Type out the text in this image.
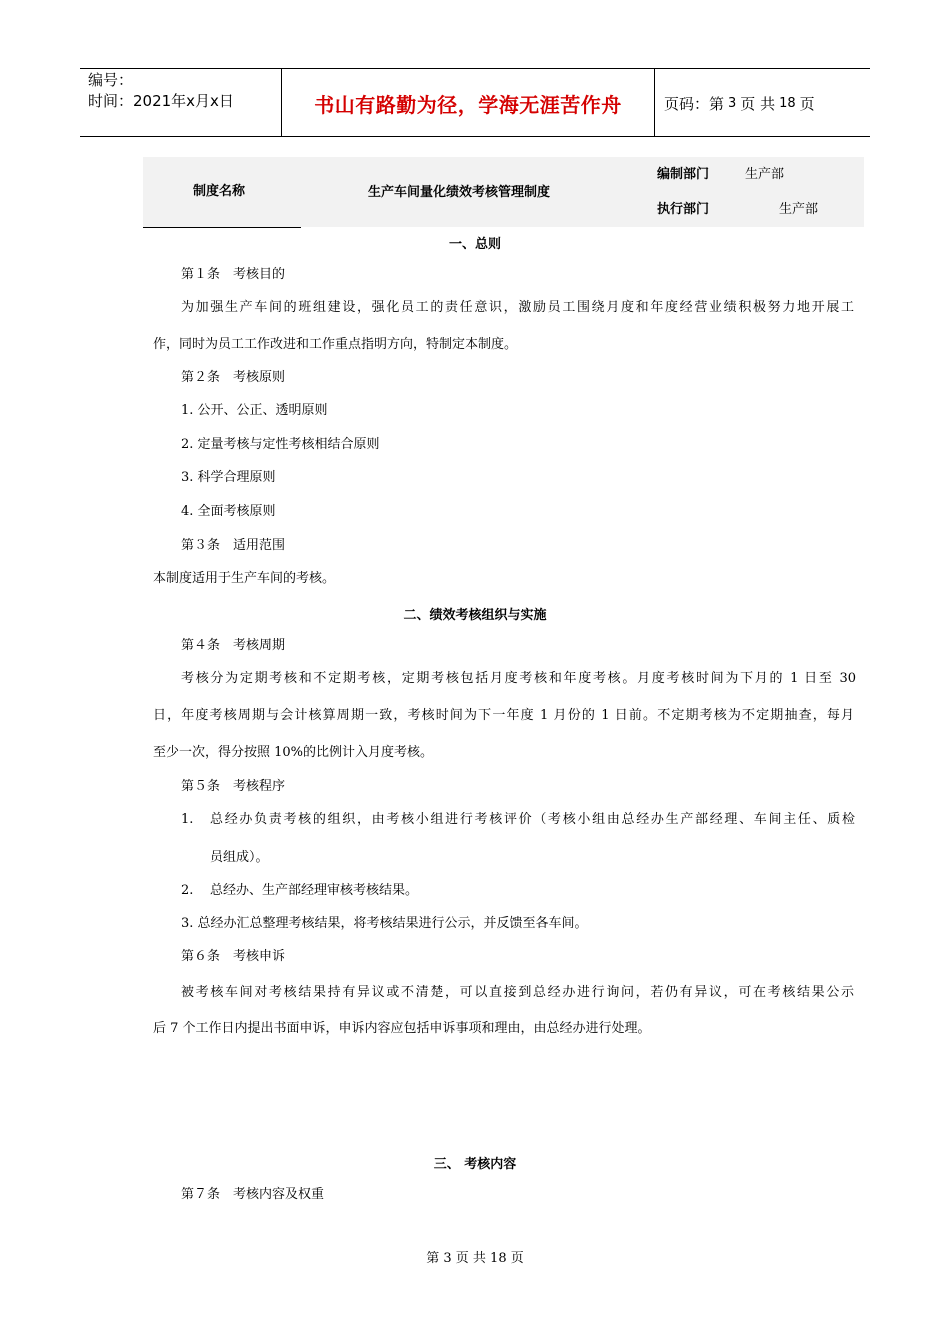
编号：
时间：2021年x月x日	书山有路勤为径，学海无涯苦作舟	页码：第 3 页 共 18 页
制度名称	生产车间量化绩效考核管理制度
编制部门	生产部
执行部门	生产部
一、总则
第１条　考核目的
为加强生产车间的班组建设，强化员工的责任意识，激励员工围绕月度和年度经营业绩积极努力地开展工
作，同时为员工工作改进和工作重点指明方向，特制定本制度。
第２条　考核原则
1. 公开、公正、透明原则
2. 定量考核与定性考核相结合原则
3. 科学合理原则
4. 全面考核原则
第３条　适用范围
本制度适用于生产车间的考核。
二、绩效考核组织与实施
第４条　考核周期
考核分为定期考核和不定期考核，定期考核包括月度考核和年度考核。月度考核时间为下月的 1 日至 30
日，年度考核周期与会计核算周期一致，考核时间为下一年度 1 月份的 1 日前。不定期考核为不定期抽查，每月
至少一次，得分按照 10%的比例计入月度考核。
第５条　考核程序
1. 总经办负责考核的组织，由考核小组进行考核评价（考核小组由总经办生产部经理、车间主任、质检
员组成）。
2. 总经办、生产部经理审核考核结果。
3. 总经办汇总整理考核结果，将考核结果进行公示，并反馈至各车间。
第６条　考核申诉
被考核车间对考核结果持有异议或不清楚，可以直接到总经办进行询问，若仍有异议，可在考核结果公示
后 7 个工作日内提出书面申诉，申诉内容应包括申诉事项和理由，由总经办进行处理。
三、 考核内容
第７条　考核内容及权重
第 3 页 共 18 页
